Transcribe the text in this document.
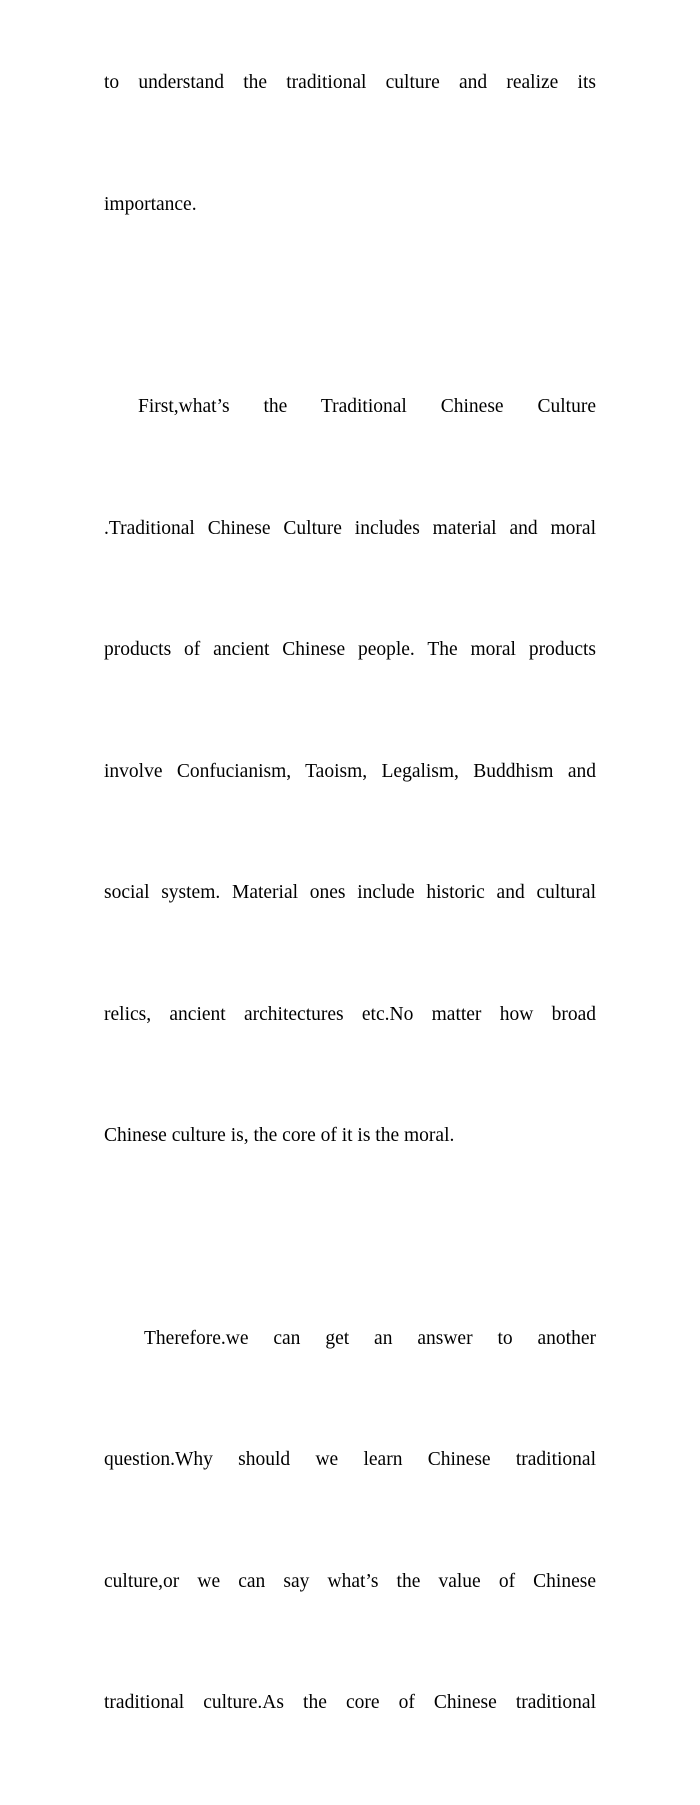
to understand the traditional culture and realize its

importance.

First,what’s the Traditional Chinese Culture

.Traditional Chinese Culture includes material and moral

products of ancient Chinese people. The moral products

involve Confucianism, Taoism, Legalism, Buddhism and

social system. Material ones include historic and cultural

relics, ancient architectures etc.No matter how broad

Chinese culture is, the core of it is the moral.

Therefore.we can get an answer to another

question.Why should we learn Chinese traditional

culture,or we can say what’s the value of Chinese

traditional culture.As the core of Chinese traditional
